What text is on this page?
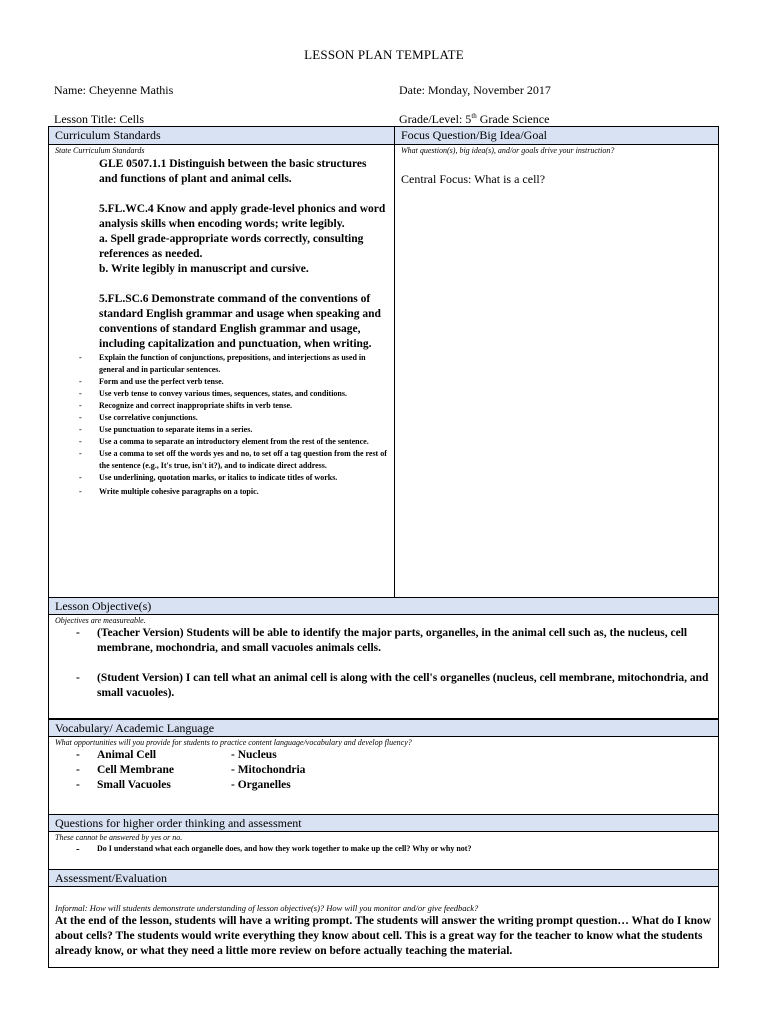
LESSON PLAN TEMPLATE
Name: Cheyenne Mathis	Date: Monday, November 2017
Lesson Title: Cells	Grade/Level: 5th Grade Science
Curriculum Standards	Focus Question/Big Idea/Goal
State Curriculum Standards
GLE 0507.1.1 Distinguish between the basic structures and functions of plant and animal cells.
5.FL.WC.4 Know and apply grade-level phonics and word analysis skills when encoding words; write legibly.
a. Spell grade-appropriate words correctly, consulting references as needed.
b. Write legibly in manuscript and cursive.
5.FL.SC.6 Demonstrate command of the conventions of standard English grammar and usage when speaking and conventions of standard English grammar and usage, including capitalization and punctuation, when writing.
-	Explain the function of conjunctions, prepositions, and interjections as used in general and in particular sentences.
-	Form and use the perfect verb tense.
-	Use verb tense to convey various times, sequences, states, and conditions.
-	Recognize and correct inappropriate shifts in verb tense.
-	Use correlative conjunctions.
-	Use punctuation to separate items in a series.
-	Use a comma to separate an introductory element from the rest of the sentence.
-	Use a comma to set off the words yes and no, to set off a tag question from the rest of the sentence (e.g., It's true, isn't it?), and to indicate direct address.
-	Use underlining, quotation marks, or italics to indicate titles of works.
-	Write multiple cohesive paragraphs on a topic.
What question(s), big idea(s), and/or goals drive your instruction?
Central Focus: What is a cell?
Lesson Objective(s)
Objectives are measureable.
-	(Teacher Version) Students will be able to identify the major parts, organelles, in the animal cell such as, the nucleus, cell membrane, mochondria, and small vacuoles animals cells.
-	(Student Version) I can tell what an animal cell is along with the cell's organelles (nucleus, cell membrane, mitochondria, and small vacuoles).
Vocabulary/ Academic Language
What opportunities will you provide for students to practice content language/vocabulary and develop fluency?
-	Animal Cell	- Nucleus
-	Cell Membrane	- Mitochondria
-	Small Vacuoles	- Organelles
Questions for higher order thinking and assessment
These cannot be answered by yes or no.
-	Do I understand what each organelle does, and how they work together to make up the cell? Why or why not?
Assessment/Evaluation
Informal: How will students demonstrate understanding of lesson objective(s)? How will you monitor and/or give feedback?
At the end of the lesson, students will have a writing prompt. The students will answer the writing prompt question… What do I know about cells? The students would write everything they know about cell. This is a great way for the teacher to know what the students already know, or what they need a little more review on before actually teaching the material.
